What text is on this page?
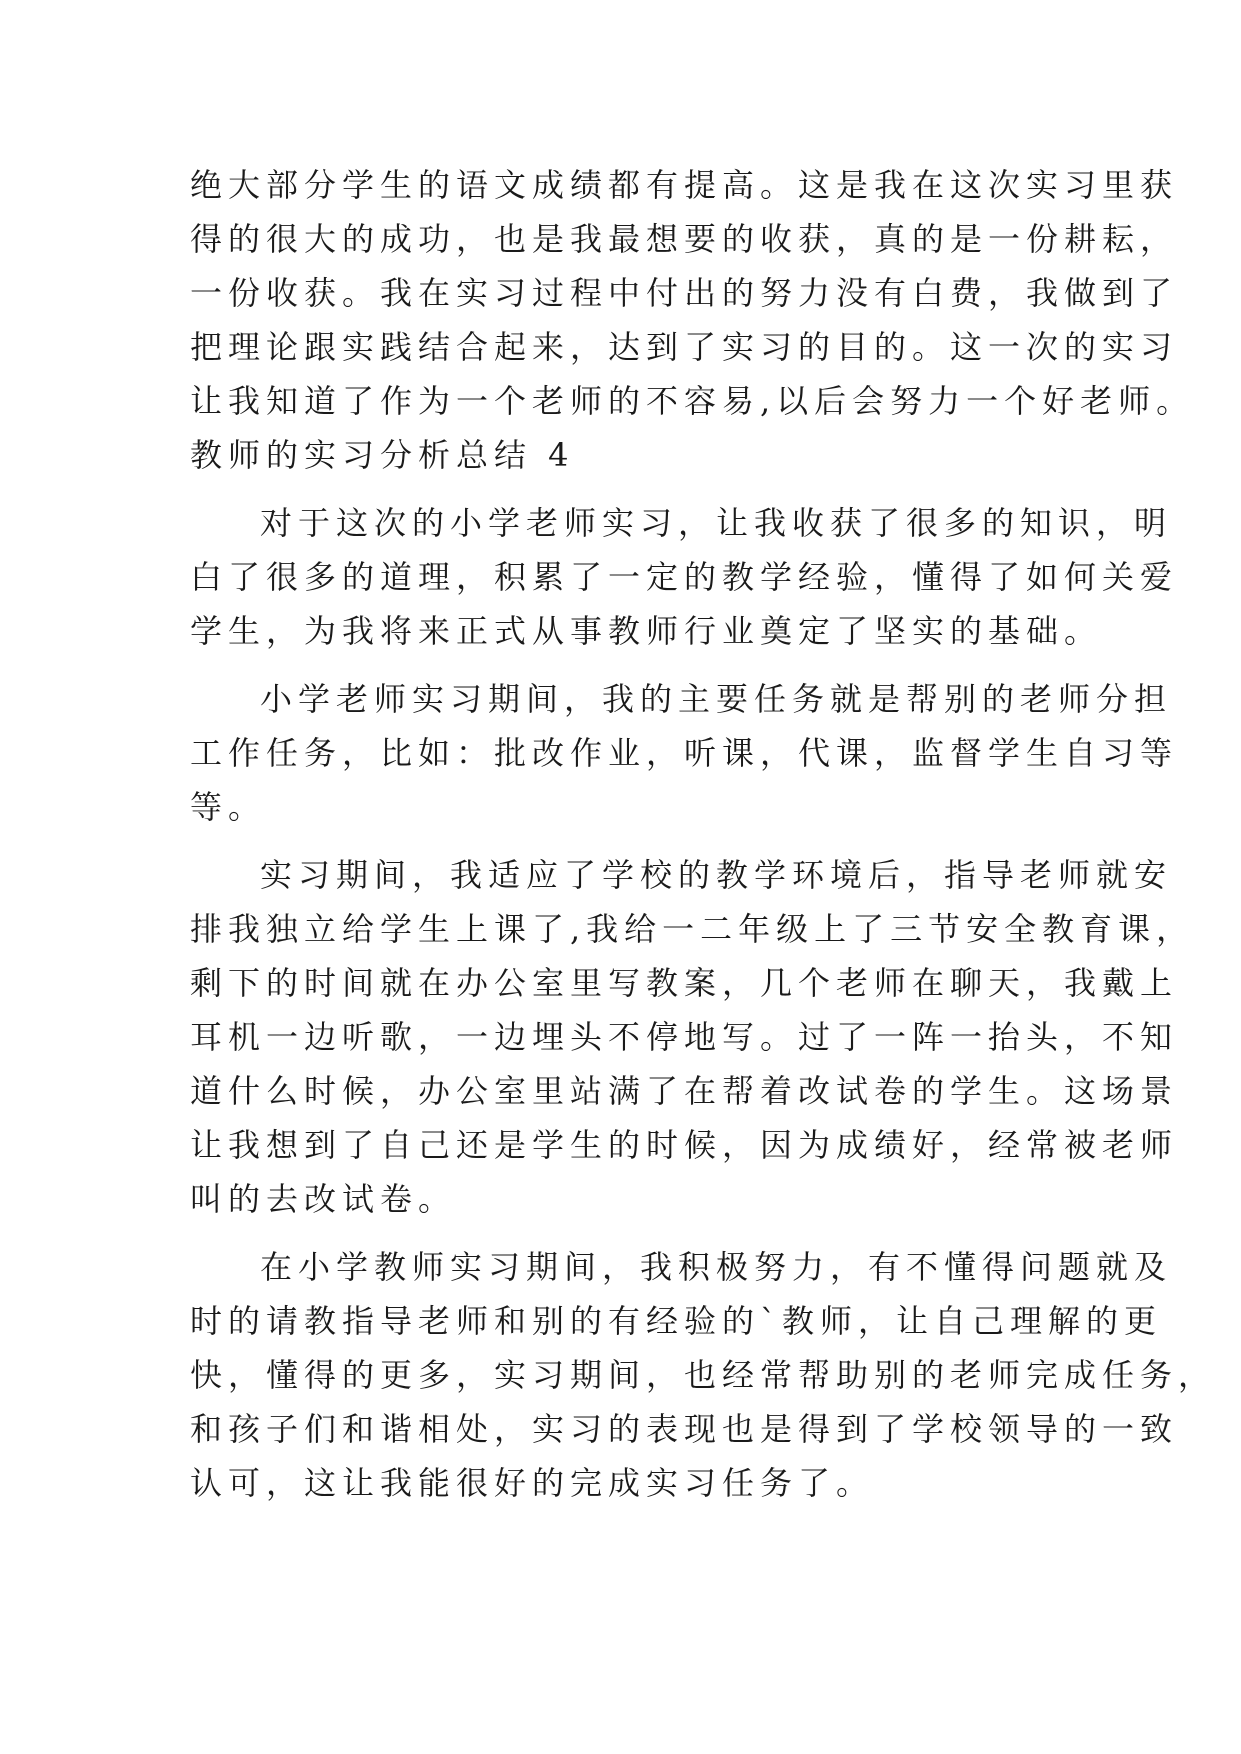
绝大部分学生的语文成绩都有提高。这是我在这次实习里获
得的很大的成功，也是我最想要的收获，真的是一份耕耘，
一份收获。我在实习过程中付出的努力没有白费，我做到了
把理论跟实践结合起来，达到了实习的目的。这一次的实习
让我知道了作为一个老师的不容易,以后会努力一个好老师。
教师的实习分析总结 4
对于这次的小学老师实习，让我收获了很多的知识，明
白了很多的道理，积累了一定的教学经验，懂得了如何关爱
学生，为我将来正式从事教师行业奠定了坚实的基础。
小学老师实习期间，我的主要任务就是帮别的老师分担
工作任务，比如：批改作业，听课，代课，监督学生自习等
等。
实习期间，我适应了学校的教学环境后，指导老师就安
排我独立给学生上课了,我给一二年级上了三节安全教育课，
剩下的时间就在办公室里写教案，几个老师在聊天，我戴上
耳机一边听歌，一边埋头不停地写。过了一阵一抬头，不知
道什么时候，办公室里站满了在帮着改试卷的学生。这场景
让我想到了自己还是学生的时候，因为成绩好，经常被老师
叫的去改试卷。
在小学教师实习期间，我积极努力，有不懂得问题就及
时的请教指导老师和别的有经验的`教师，让自己理解的更
快，懂得的更多，实习期间，也经常帮助别的老师完成任务，
和孩子们和谐相处，实习的表现也是得到了学校领导的一致
认可，这让我能很好的完成实习任务了。
